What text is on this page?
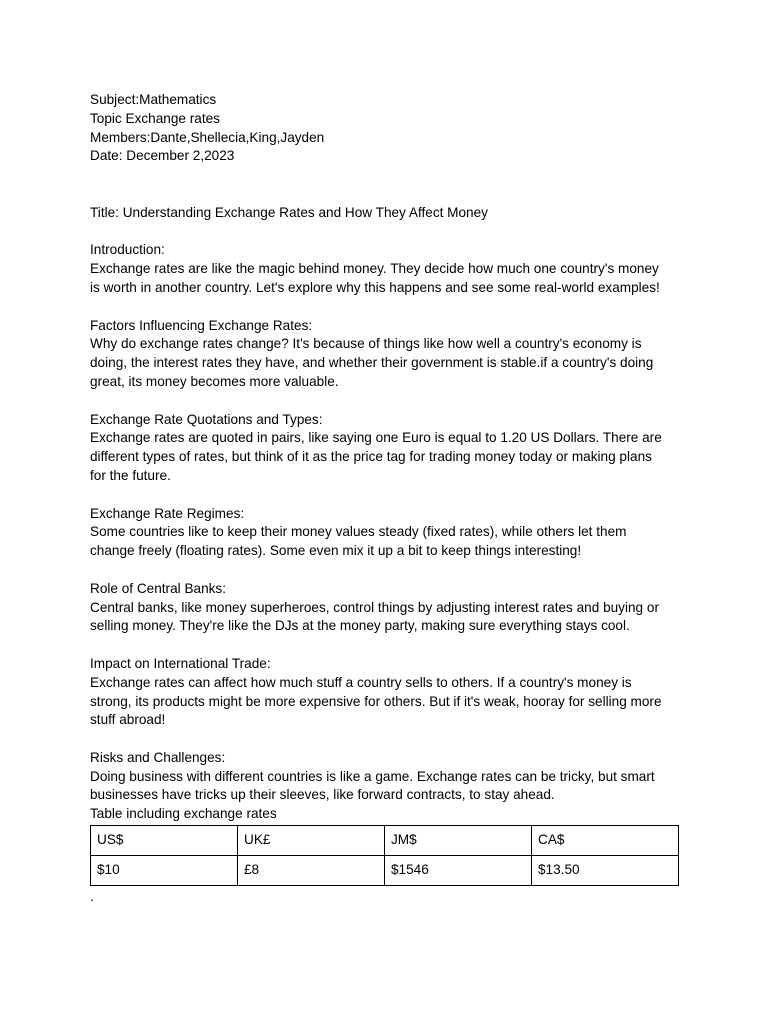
Subject:Mathematics
Topic Exchange rates
Members:Dante,Shellecia,King,Jayden
Date: December 2,2023
Title: Understanding Exchange Rates and How They Affect Money
Introduction:
Exchange rates are like the magic behind money. They decide how much one country's money
is worth in another country. Let's explore why this happens and see some real-world examples!
Factors Influencing Exchange Rates:
Why do exchange rates change? It's because of things like how well a country's economy is
doing, the interest rates they have, and whether their government is stable.if a country's doing
great, its money becomes more valuable.
Exchange Rate Quotations and Types:
Exchange rates are quoted in pairs, like saying one Euro is equal to 1.20 US Dollars. There are
different types of rates, but think of it as the price tag for trading money today or making plans
for the future.
Exchange Rate Regimes:
Some countries like to keep their money values steady (fixed rates), while others let them
change freely (floating rates). Some even mix it up a bit to keep things interesting!
Role of Central Banks:
Central banks, like money superheroes, control things by adjusting interest rates and buying or
selling money. They're like the DJs at the money party, making sure everything stays cool.
Impact on International Trade:
Exchange rates can affect how much stuff a country sells to others. If a country's money is
strong, its products might be more expensive for others. But if it's weak, hooray for selling more
stuff abroad!
Risks and Challenges:
Doing business with different countries is like a game. Exchange rates can be tricky, but smart
businesses have tricks up their sleeves, like forward contracts, to stay ahead.
Table including exchange rates
US$	UK£	JM$	CA$
$10	£8	$1546	$13.50
.
